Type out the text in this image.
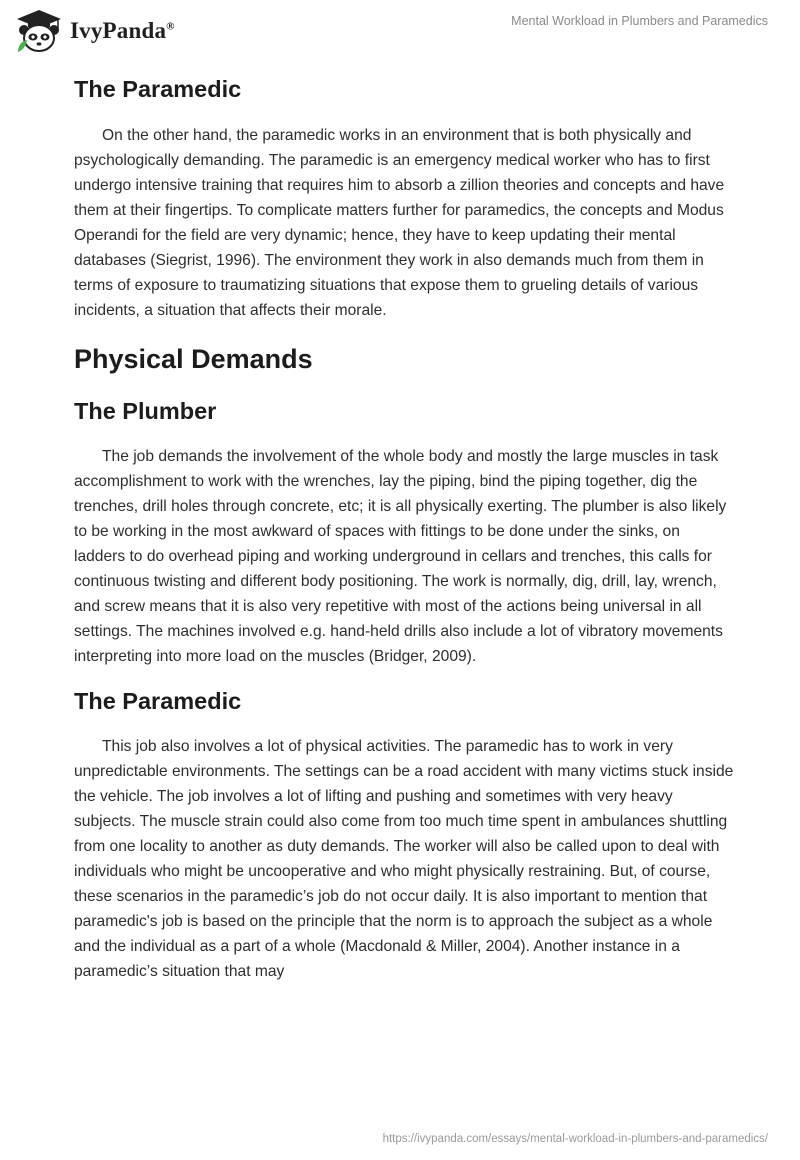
IvyPanda®	Mental Workload in Plumbers and Paramedics
The Paramedic

On the other hand, the paramedic works in an environment that is both physically and psychologically demanding. The paramedic is an emergency medical worker who has to first undergo intensive training that requires him to absorb a zillion theories and concepts and have them at their fingertips. To complicate matters further for paramedics, the concepts and Modus Operandi for the field are very dynamic; hence, they have to keep updating their mental databases (Siegrist, 1996). The environment they work in also demands much from them in terms of exposure to traumatizing situations that expose them to grueling details of various incidents, a situation that affects their morale.

Physical Demands
The Plumber

The job demands the involvement of the whole body and mostly the large muscles in task accomplishment to work with the wrenches, lay the piping, bind the piping together, dig the trenches, drill holes through concrete, etc; it is all physically exerting. The plumber is also likely to be working in the most awkward of spaces with fittings to be done under the sinks, on ladders to do overhead piping and working underground in cellars and trenches, this calls for continuous twisting and different body positioning. The work is normally, dig, drill, lay, wrench, and screw means that it is also very repetitive with most of the actions being universal in all settings. The machines involved e.g. hand-held drills also include a lot of vibratory movements interpreting into more load on the muscles (Bridger, 2009).

The Paramedic

This job also involves a lot of physical activities. The paramedic has to work in very unpredictable environments. The settings can be a road accident with many victims stuck inside the vehicle. The job involves a lot of lifting and pushing and sometimes with very heavy subjects. The muscle strain could also come from too much time spent in ambulances shuttling from one locality to another as duty demands. The worker will also be called upon to deal with individuals who might be uncooperative and who might physically restraining. But, of course, these scenarios in the paramedic’s job do not occur daily. It is also important to mention that paramedic's job is based on the principle that the norm is to approach the subject as a whole and the individual as a part of a whole (Macdonald & Miller, 2004). Another instance in a paramedic’s situation that may

https://ivypanda.com/essays/mental-workload-in-plumbers-and-paramedics/
